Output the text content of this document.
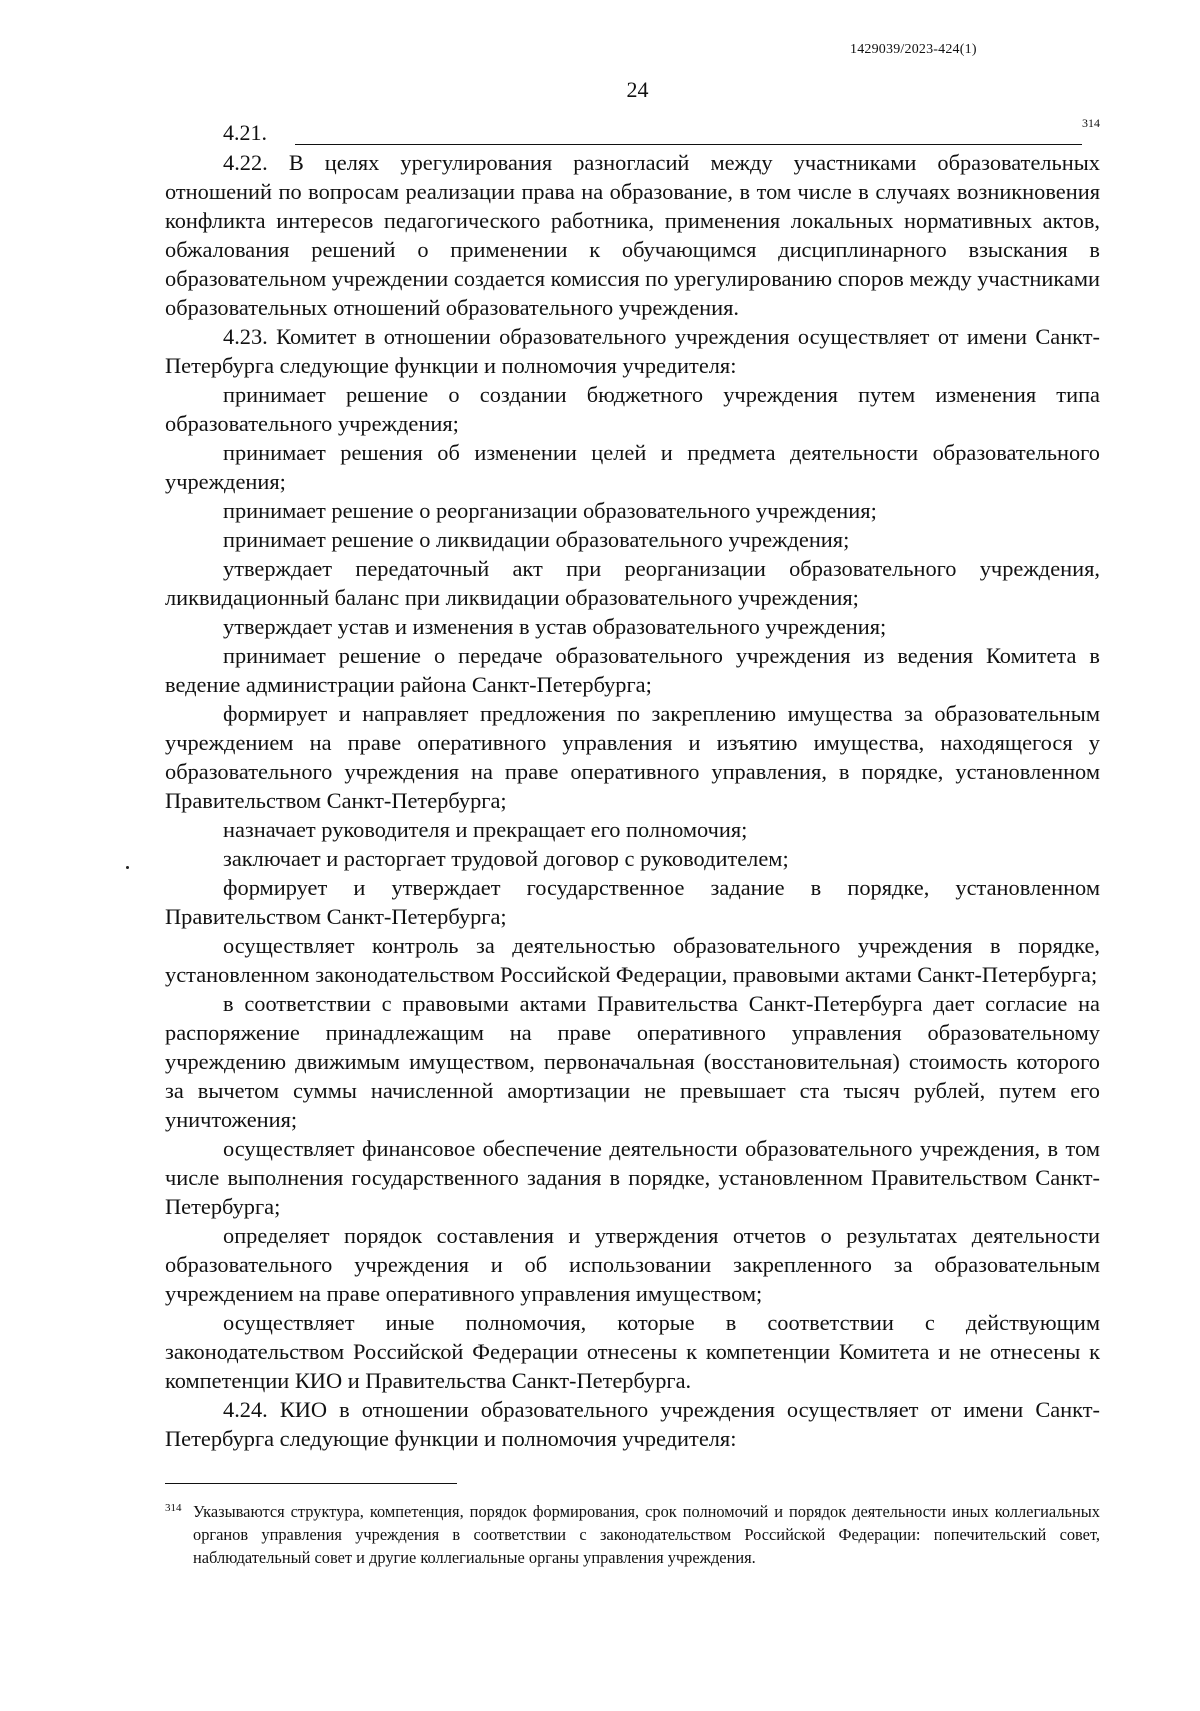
1429039/2023-424(1)
24
4.21.	314

4.22. В целях урегулирования разногласий между участниками образовательных отношений по вопросам реализации права на образование, в том числе в случаях возникновения конфликта интересов педагогического работника, применения локальных нормативных актов, обжалования решений о применении к обучающимся дисциплинарного взыскания в образовательном учреждении создается комиссия по урегулированию споров между участниками образовательных отношений образовательного учреждения.

4.23. Комитет в отношении образовательного учреждения осуществляет от имени Санкт-Петербурга следующие функции и полномочия учредителя:

принимает решение о создании бюджетного учреждения путем изменения типа образовательного учреждения;

принимает решения об изменении целей и предмета деятельности образовательного учреждения;

принимает решение о реорганизации образовательного учреждения;

принимает решение о ликвидации образовательного учреждения;

утверждает передаточный акт при реорганизации образовательного учреждения, ликвидационный баланс при ликвидации образовательного учреждения;

утверждает устав и изменения в устав образовательного учреждения;

принимает решение о передаче образовательного учреждения из ведения Комитета в ведение администрации района Санкт-Петербурга;

формирует и направляет предложения по закреплению имущества за образовательным учреждением на праве оперативного управления и изъятию имущества, находящегося у образовательного учреждения на праве оперативного управления, в порядке, установленном Правительством Санкт-Петербурга;

назначает руководителя и прекращает его полномочия;

заключает и расторгает трудовой договор с руководителем;

формирует и утверждает государственное задание в порядке, установленном Правительством Санкт-Петербурга;

осуществляет контроль за деятельностью образовательного учреждения в порядке, установленном законодательством Российской Федерации, правовыми актами Санкт-Петербурга;

в соответствии с правовыми актами Правительства Санкт-Петербурга дает согласие на распоряжение принадлежащим на праве оперативного управления образовательному учреждению движимым имуществом, первоначальная (восстановительная) стоимость которого за вычетом суммы начисленной амортизации не превышает ста тысяч рублей, путем его уничтожения;

осуществляет финансовое обеспечение деятельности образовательного учреждения, в том числе выполнения государственного задания в порядке, установленном Правительством Санкт-Петербурга;

определяет порядок составления и утверждения отчетов о результатах деятельности образовательного учреждения и об использовании закрепленного за образовательным учреждением на праве оперативного управления имуществом;

осуществляет иные полномочия, которые в соответствии с действующим законодательством Российской Федерации отнесены к компетенции Комитета и не отнесены к компетенции КИО и Правительства Санкт-Петербурга.

4.24. КИО в отношении образовательного учреждения осуществляет от имени Санкт-Петербурга следующие функции и полномочия учредителя:

$^{314}$ Указываются структура, компетенция, порядок формирования, срок полномочий и порядок деятельности иных коллегиальных органов управления учреждения в соответствии с законодательством Российской Федерации: попечительский совет, наблюдательный совет и другие коллегиальные органы управления учреждения.
